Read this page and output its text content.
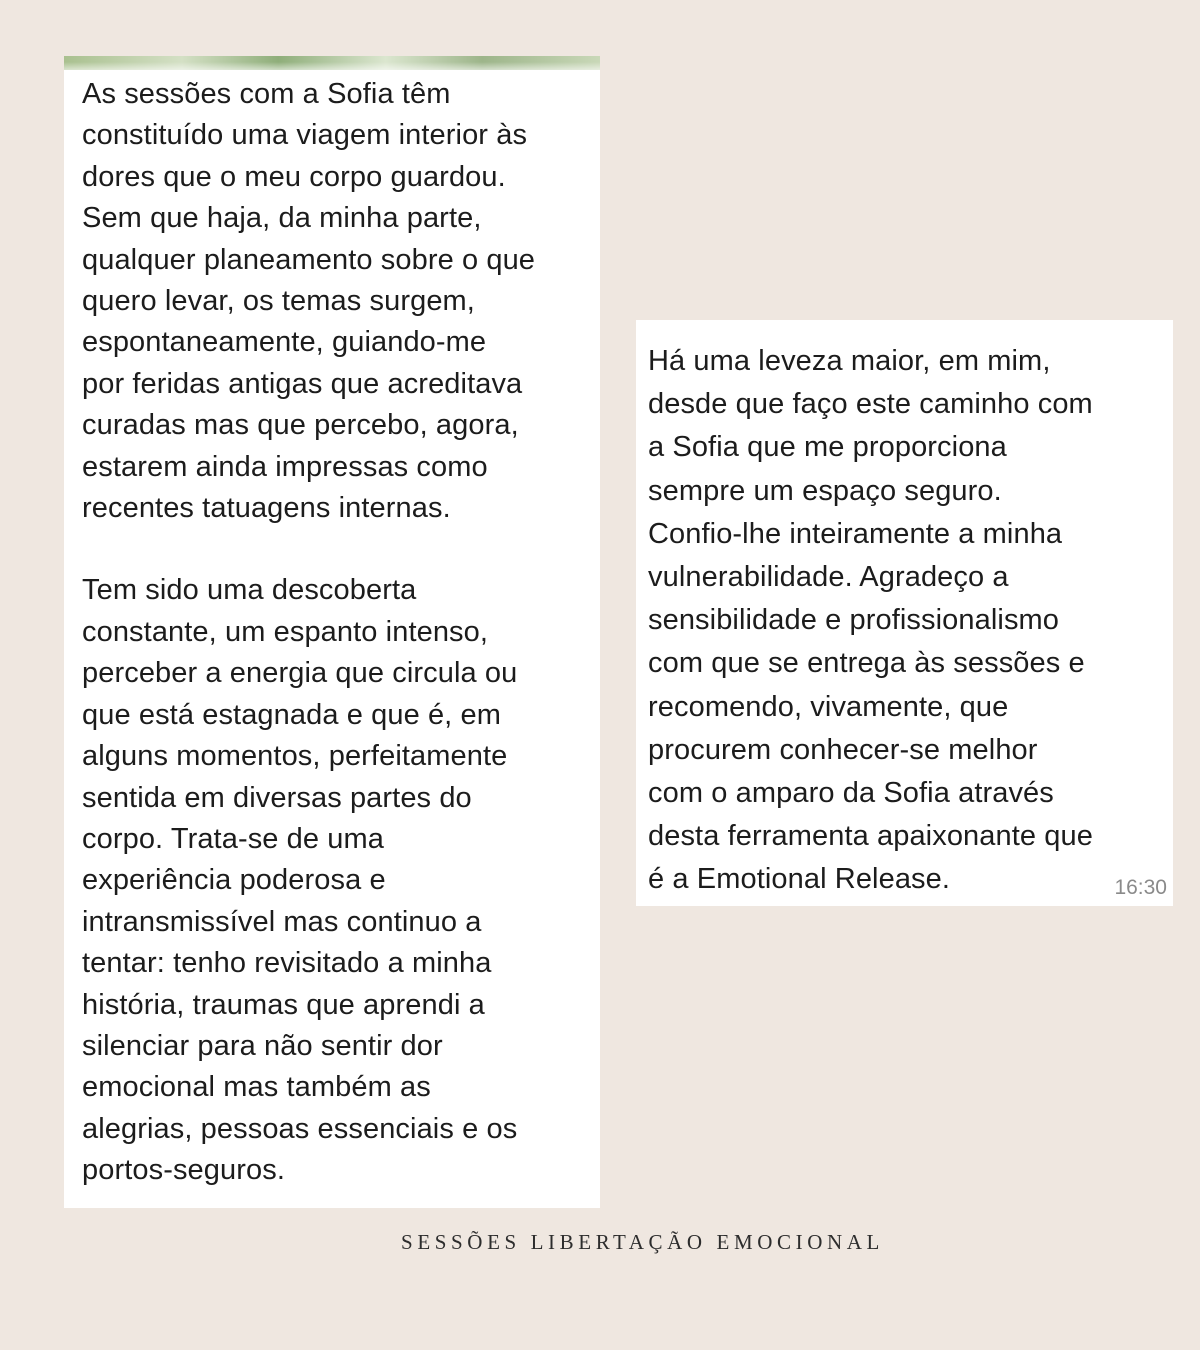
As sessões com a Sofia têm
constituído uma viagem interior às
dores que o meu corpo guardou.
Sem que haja, da minha parte,
qualquer planeamento sobre o que
quero levar, os temas surgem,
espontaneamente, guiando-me
por feridas antigas que acreditava
curadas mas que percebo, agora,
estarem ainda impressas como
recentes tatuagens internas.

Tem sido uma descoberta
constante, um espanto intenso,
perceber a energia que circula ou
que está estagnada e que é, em
alguns momentos, perfeitamente
sentida em diversas partes do
corpo. Trata-se de uma
experiência poderosa e
intransmissível mas continuo a
tentar: tenho revisitado a minha
história, traumas que aprendi a
silenciar para não sentir dor
emocional mas também as
alegrias, pessoas essenciais e os
portos-seguros.

Há uma leveza maior, em mim,
desde que faço este caminho com
a Sofia que me proporciona
sempre um espaço seguro.
Confio-lhe inteiramente a minha
vulnerabilidade. Agradeço a
sensibilidade e profissionalismo
com que se entrega às sessões e
recomendo, vivamente, que
procurem conhecer-se melhor
com o amparo da Sofia através
desta ferramenta apaixonante que
é a Emotional Release.	16:30
SESSÕES LIBERTAÇÃO EMOCIONAL
